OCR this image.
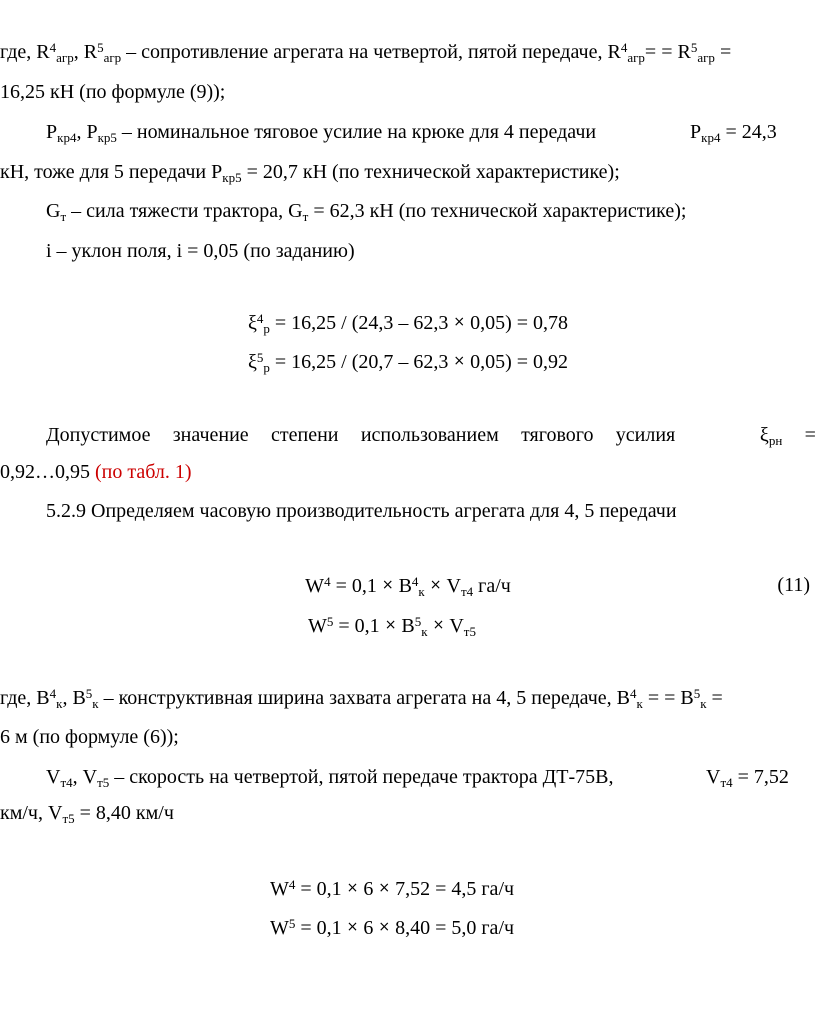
где, $R^4_{агр}$, $R^5_{агр}$ – сопротивление агрегата на четвертой, пятой передаче, $R^4_{агр}= = R^5_{агр}$ =
16,25 кН (по формуле (9));
$Р_{кр4}$, $Р_{кр5}$ – номинальное тяговое усилие на крюке для 4 передачи	$Р_{кр4} = 24,3$
кН, тоже для 5 передачи $Р_{кр5} = 20,7$ кН (по технической характеристике);
$G_т$ – сила тяжести трактора, $G_т = 62,3$ кН (по технической характеристике);
i – уклон поля, i = 0,05 (по заданию)
$\xi^4_р = 16,25 / (24,3 - 62,3 \times 0,05) = 0,78$
$\xi^5_р = 16,25 / (20,7 - 62,3 \times 0,05) = 0,92$
Допустимое значение степени использованием тягового усилия	$\xi_{рн}$ =
0,92…0,95 (по табл. 1)
5.2.9 Определяем часовую производительность агрегата для 4, 5 передачи
$W^4 = 0,1 \times B^4_к \times V_{т4}$ га/ч	(11)
$W^5 = 0,1 \times B^5_к \times V_{т5}$
где, $B^4_к$, $B^5_к$ – конструктивная ширина захвата агрегата на 4, 5 передаче, $B^4_к$ = = $B^5_к$ =
6 м (по формуле (6));
$V_{т4}$, $V_{т5}$ – скорость на четвертой, пятой передаче трактора ДТ-75В,	$V_{т4} = 7,52$
км/ч, $V_{т5} = 8,40$ км/ч
$W^4 = 0,1 \times 6 \times 7,52 = 4,5$ га/ч
$W^5 = 0,1 \times 6 \times 8,40 = 5,0$ га/ч
